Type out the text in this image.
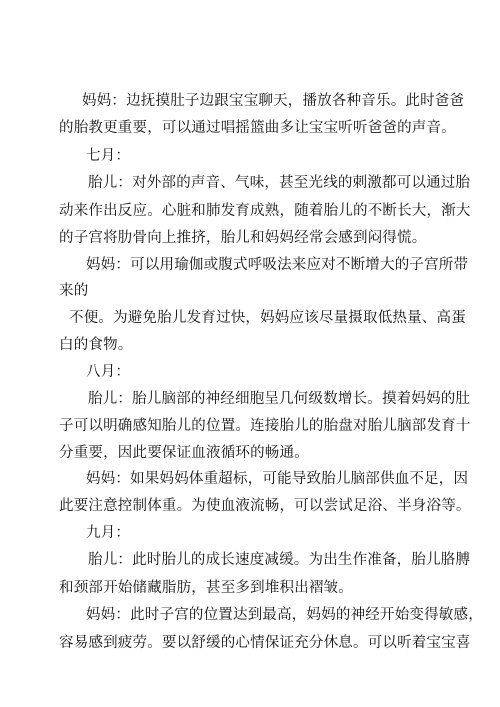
妈妈：边抚摸肚子边跟宝宝聊天，播放各种音乐。此时爸爸
的胎教更重要，可以通过唱摇篮曲多让宝宝听听爸爸的声音。
七月：
胎儿：对外部的声音、气味，甚至光线的刺激都可以通过胎
动来作出反应。心脏和肺发育成熟，随着胎儿的不断长大，渐大
的子宫将肋骨向上推挤，胎儿和妈妈经常会感到闷得慌。
妈妈：可以用瑜伽或腹式呼吸法来应对不断增大的子宫所带
来的
不便。为避免胎儿发育过快，妈妈应该尽量摄取低热量、高蛋
白的食物。
八月：
胎儿：胎儿脑部的神经细胞呈几何级数增长。摸着妈妈的肚
子可以明确感知胎儿的位置。连接胎儿的胎盘对胎儿脑部发育十
分重要，因此要保证血液循环的畅通。
妈妈：如果妈妈体重超标，可能导致胎儿脑部供血不足，因
此要注意控制体重。为使血液流畅，可以尝试足浴、半身浴等。
九月：
胎儿：此时胎儿的成长速度减缓。为出生作准备，胎儿胳膊
和颈部开始储藏脂肪，甚至多到堆积出褶皱。
妈妈：此时子宫的位置达到最高，妈妈的神经开始变得敏感，
容易感到疲劳。要以舒缓的心情保证充分休息。可以听着宝宝喜
